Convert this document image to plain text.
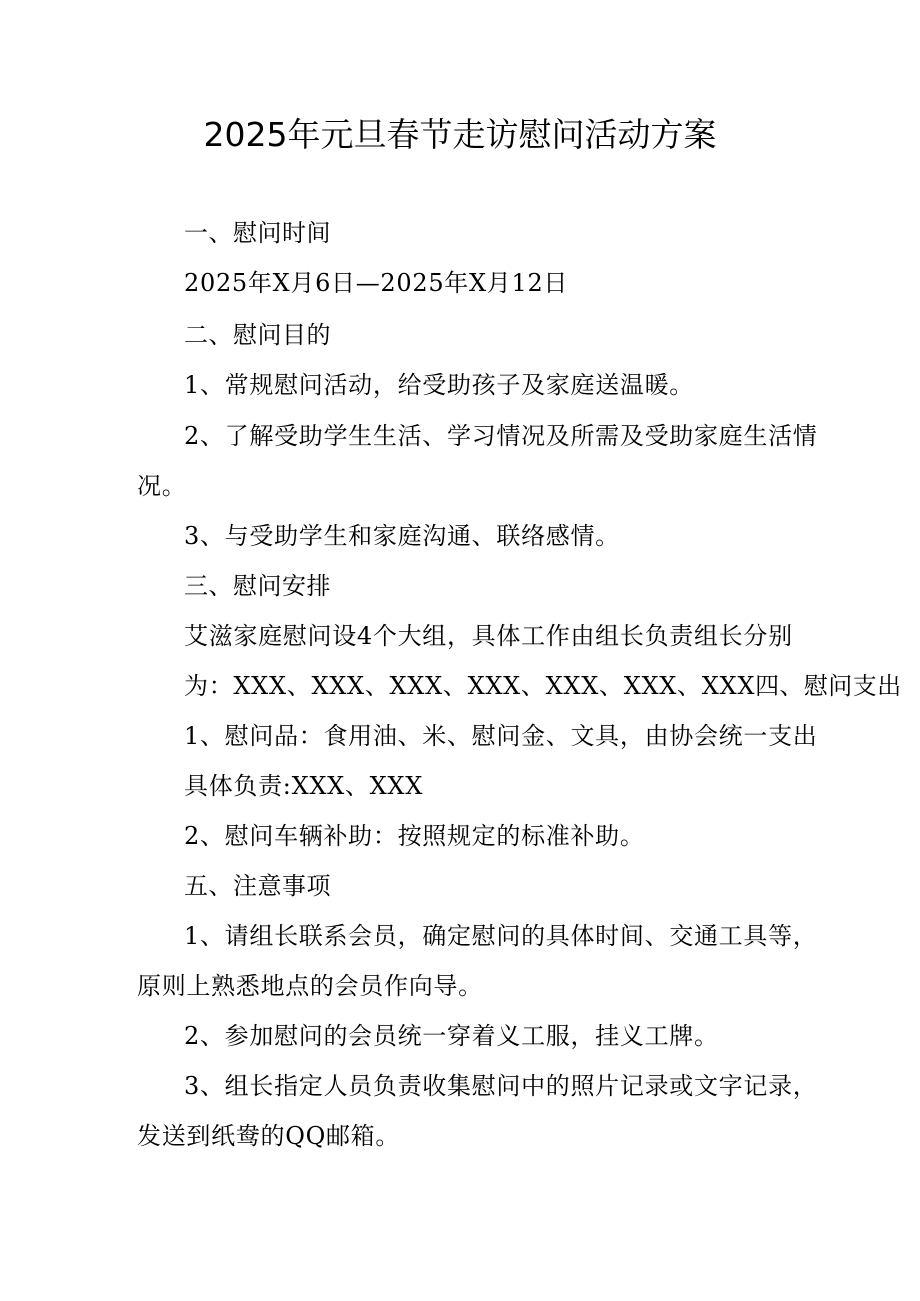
2025年元旦春节走访慰问活动方案
一、慰问时间
2025年X月6日—2025年X月12日
二、慰问目的
1、常规慰问活动，给受助孩子及家庭送温暖。
2、了解受助学生生活、学习情况及所需及受助家庭生活情
况。
3、与受助学生和家庭沟通、联络感情。
三、慰问安排
艾滋家庭慰问设4个大组，具体工作由组长负责组长分别
为：XXX、XXX、XXX、XXX、XXX、XXX、XXX四、慰问支出
1、慰问品：食用油、米、慰问金、文具，由协会统一支出
具体负责:XXX、XXX
2、慰问车辆补助：按照规定的标准补助。
五、注意事项
1、请组长联系会员，确定慰问的具体时间、交通工具等，
原则上熟悉地点的会员作向导。
2、参加慰问的会员统一穿着义工服，挂义工牌。
3、组长指定人员负责收集慰问中的照片记录或文字记录，
发送到纸鸯的QQ邮箱。
